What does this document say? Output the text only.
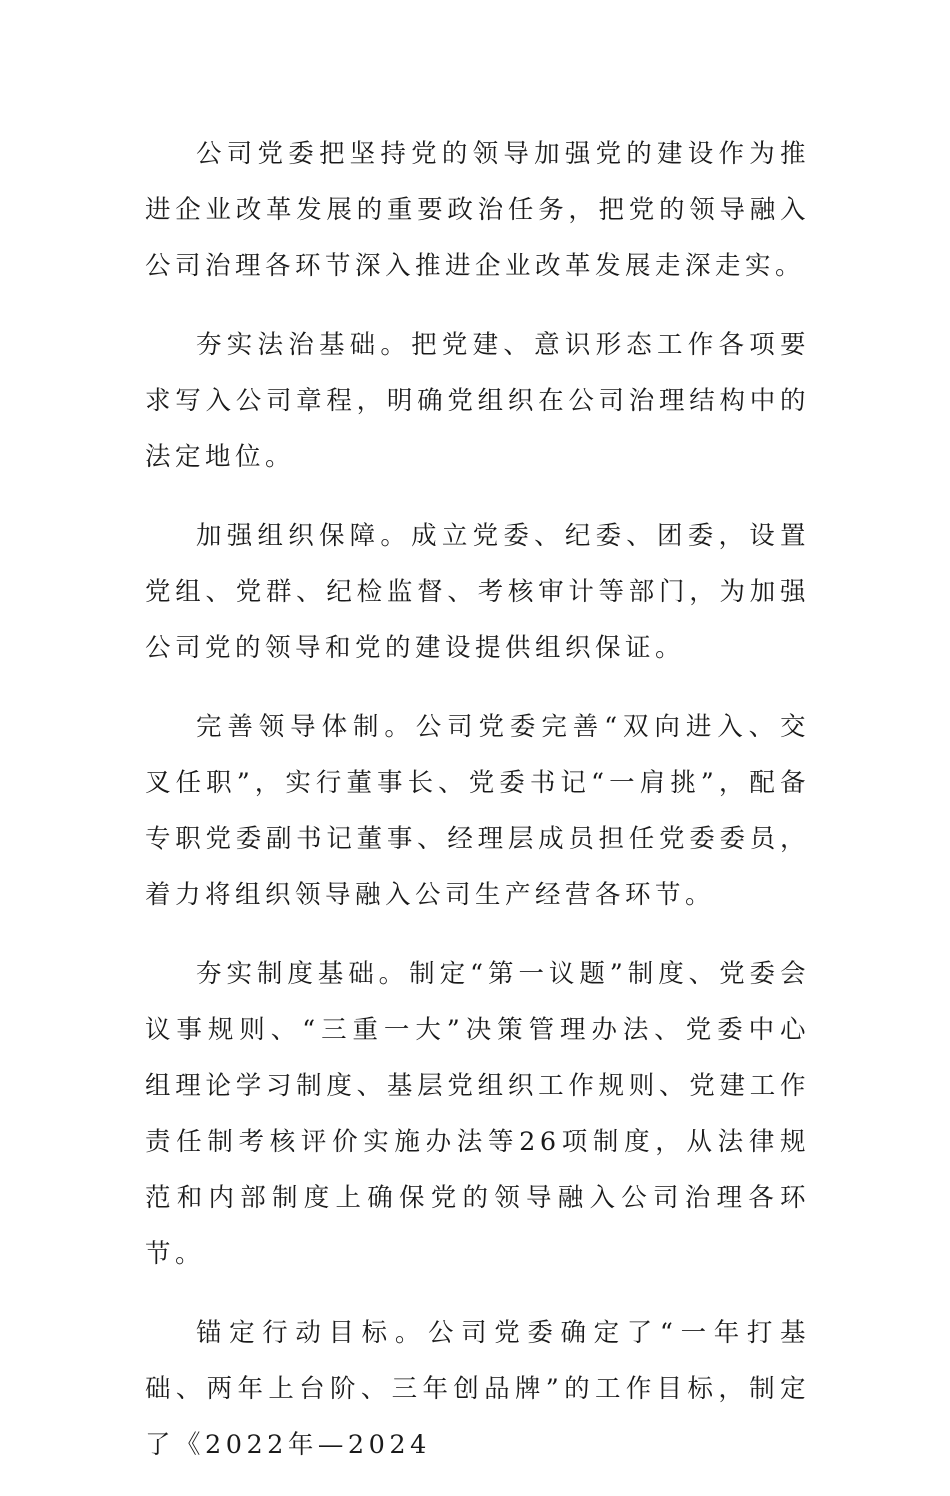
公司党委把坚持党的领导加强党的建设作为推进企业改革发展的重要政治任务，把党的领导融入公司治理各环节深入推进企业改革发展走深走实。

夯实法治基础。把党建、意识形态工作各项要求写入公司章程，明确党组织在公司治理结构中的法定地位。

加强组织保障。成立党委、纪委、团委，设置党组、党群、纪检监督、考核审计等部门，为加强公司党的领导和党的建设提供组织保证。

完善领导体制。公司党委完善“双向进入、交叉任职”，实行董事长、党委书记“一肩挑”，配备专职党委副书记董事、经理层成员担任党委委员，着力将组织领导融入公司生产经营各环节。

夯实制度基础。制定“第一议题”制度、党委会议事规则、“三重一大”决策管理办法、党委中心组理论学习制度、基层党组织工作规则、党建工作责任制考核评价实施办法等26项制度，从法律规范和内部制度上确保党的领导融入公司治理各环节。

锚定行动目标。公司党委确定了“一年打基础、两年上台阶、三年创品牌”的工作目标，制定了《2022年—2024
